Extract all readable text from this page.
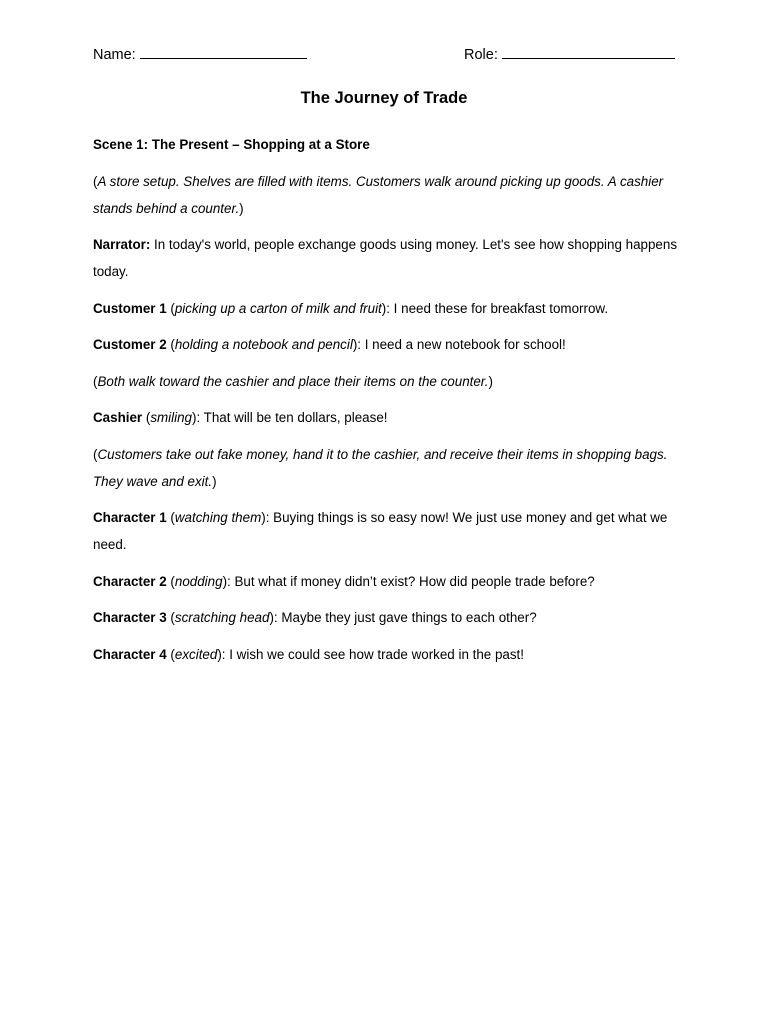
Name:	Role:
The Journey of Trade

Scene 1: The Present – Shopping at a Store

(A store setup. Shelves are filled with items. Customers walk around picking up goods. A cashier stands behind a counter.)

Narrator: In today's world, people exchange goods using money. Let's see how shopping happens today.

Customer 1 (picking up a carton of milk and fruit): I need these for breakfast tomorrow.

Customer 2 (holding a notebook and pencil): I need a new notebook for school!

(Both walk toward the cashier and place their items on the counter.)

Cashier (smiling): That will be ten dollars, please!

(Customers take out fake money, hand it to the cashier, and receive their items in shopping bags. They wave and exit.)

Character 1 (watching them): Buying things is so easy now! We just use money and get what we need.

Character 2 (nodding): But what if money didn’t exist? How did people trade before?

Character 3 (scratching head): Maybe they just gave things to each other?

Character 4 (excited): I wish we could see how trade worked in the past!
